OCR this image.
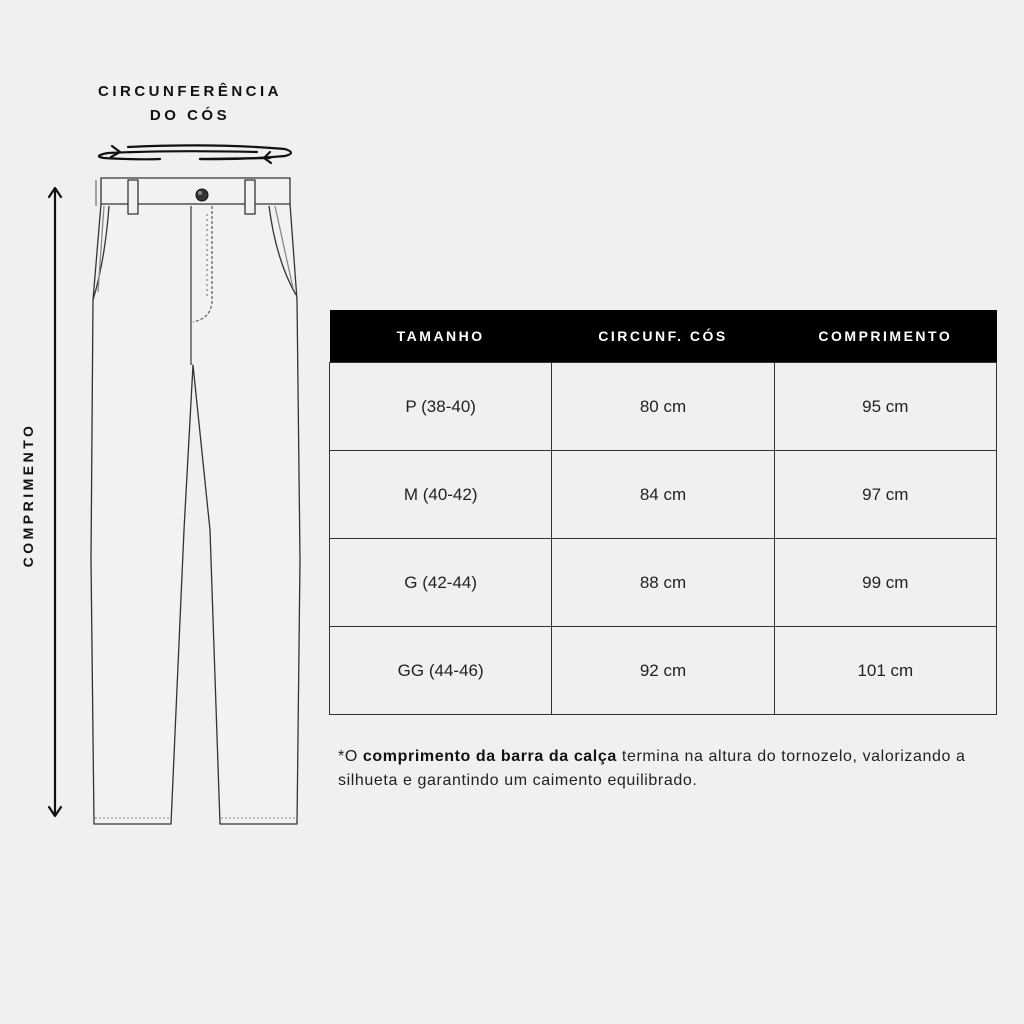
CIRCUNFERÊNCIA
DO CÓS
COMPRIMENTO
TAMANHO	CIRCUNF. CÓS	COMPRIMENTO
P (38-40)	80 cm	95 cm
M (40-42)	84 cm	97 cm
G (42-44)	88 cm	99 cm
GG (44-46)	92 cm	101 cm

*O comprimento da barra da calça termina na altura do tornozelo, valorizando a silhueta e garantindo um caimento equilibrado.
